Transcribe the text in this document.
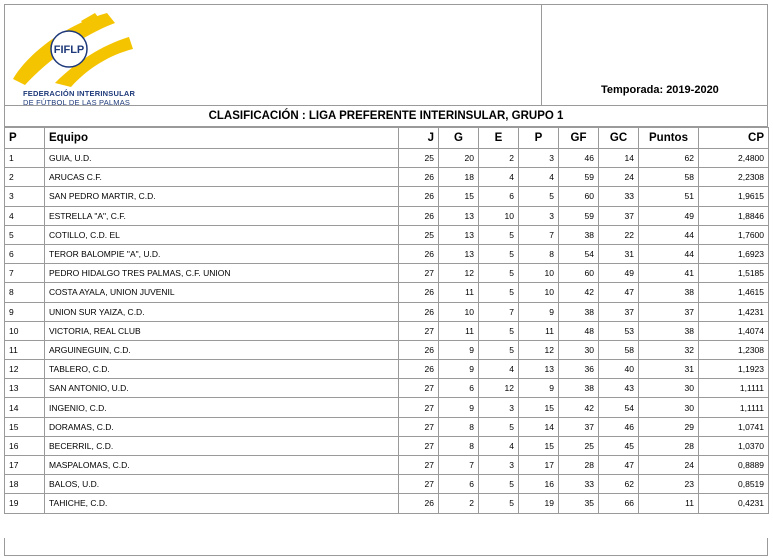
FIFLP
FEDERACIÓN INTERINSULAR
DE FÚTBOL DE LAS PALMAS
Temporada: 2019-2020
CLASIFICACIÓN : LIGA PREFERENTE INTERINSULAR, GRUPO 1
P	Equipo	J	G	E	P	GF	GC	Puntos	CP
1	GUIA, U.D.	25	20	2	3	46	14	62	2,4800
2	ARUCAS C.F.	26	18	4	4	59	24	58	2,2308
3	SAN PEDRO MARTIR, C.D.	26	15	6	5	60	33	51	1,9615
4	ESTRELLA "A", C.F.	26	13	10	3	59	37	49	1,8846
5	COTILLO, C.D. EL	25	13	5	7	38	22	44	1,7600
6	TEROR BALOMPIE "A", U.D.	26	13	5	8	54	31	44	1,6923
7	PEDRO HIDALGO TRES PALMAS, C.F. UNION	27	12	5	10	60	49	41	1,5185
8	COSTA AYALA, UNION JUVENIL	26	11	5	10	42	47	38	1,4615
9	UNION SUR YAIZA, C.D.	26	10	7	9	38	37	37	1,4231
10	VICTORIA, REAL CLUB	27	11	5	11	48	53	38	1,4074
11	ARGUINEGUIN, C.D.	26	9	5	12	30	58	32	1,2308
12	TABLERO, C.D.	26	9	4	13	36	40	31	1,1923
13	SAN ANTONIO, U.D.	27	6	12	9	38	43	30	1,1111
14	INGENIO, C.D.	27	9	3	15	42	54	30	1,1111
15	DORAMAS, C.D.	27	8	5	14	37	46	29	1,0741
16	BECERRIL, C.D.	27	8	4	15	25	45	28	1,0370
17	MASPALOMAS, C.D.	27	7	3	17	28	47	24	0,8889
18	BALOS, U.D.	27	6	5	16	33	62	23	0,8519
19	TAHICHE, C.D.	26	2	5	19	35	66	11	0,4231
